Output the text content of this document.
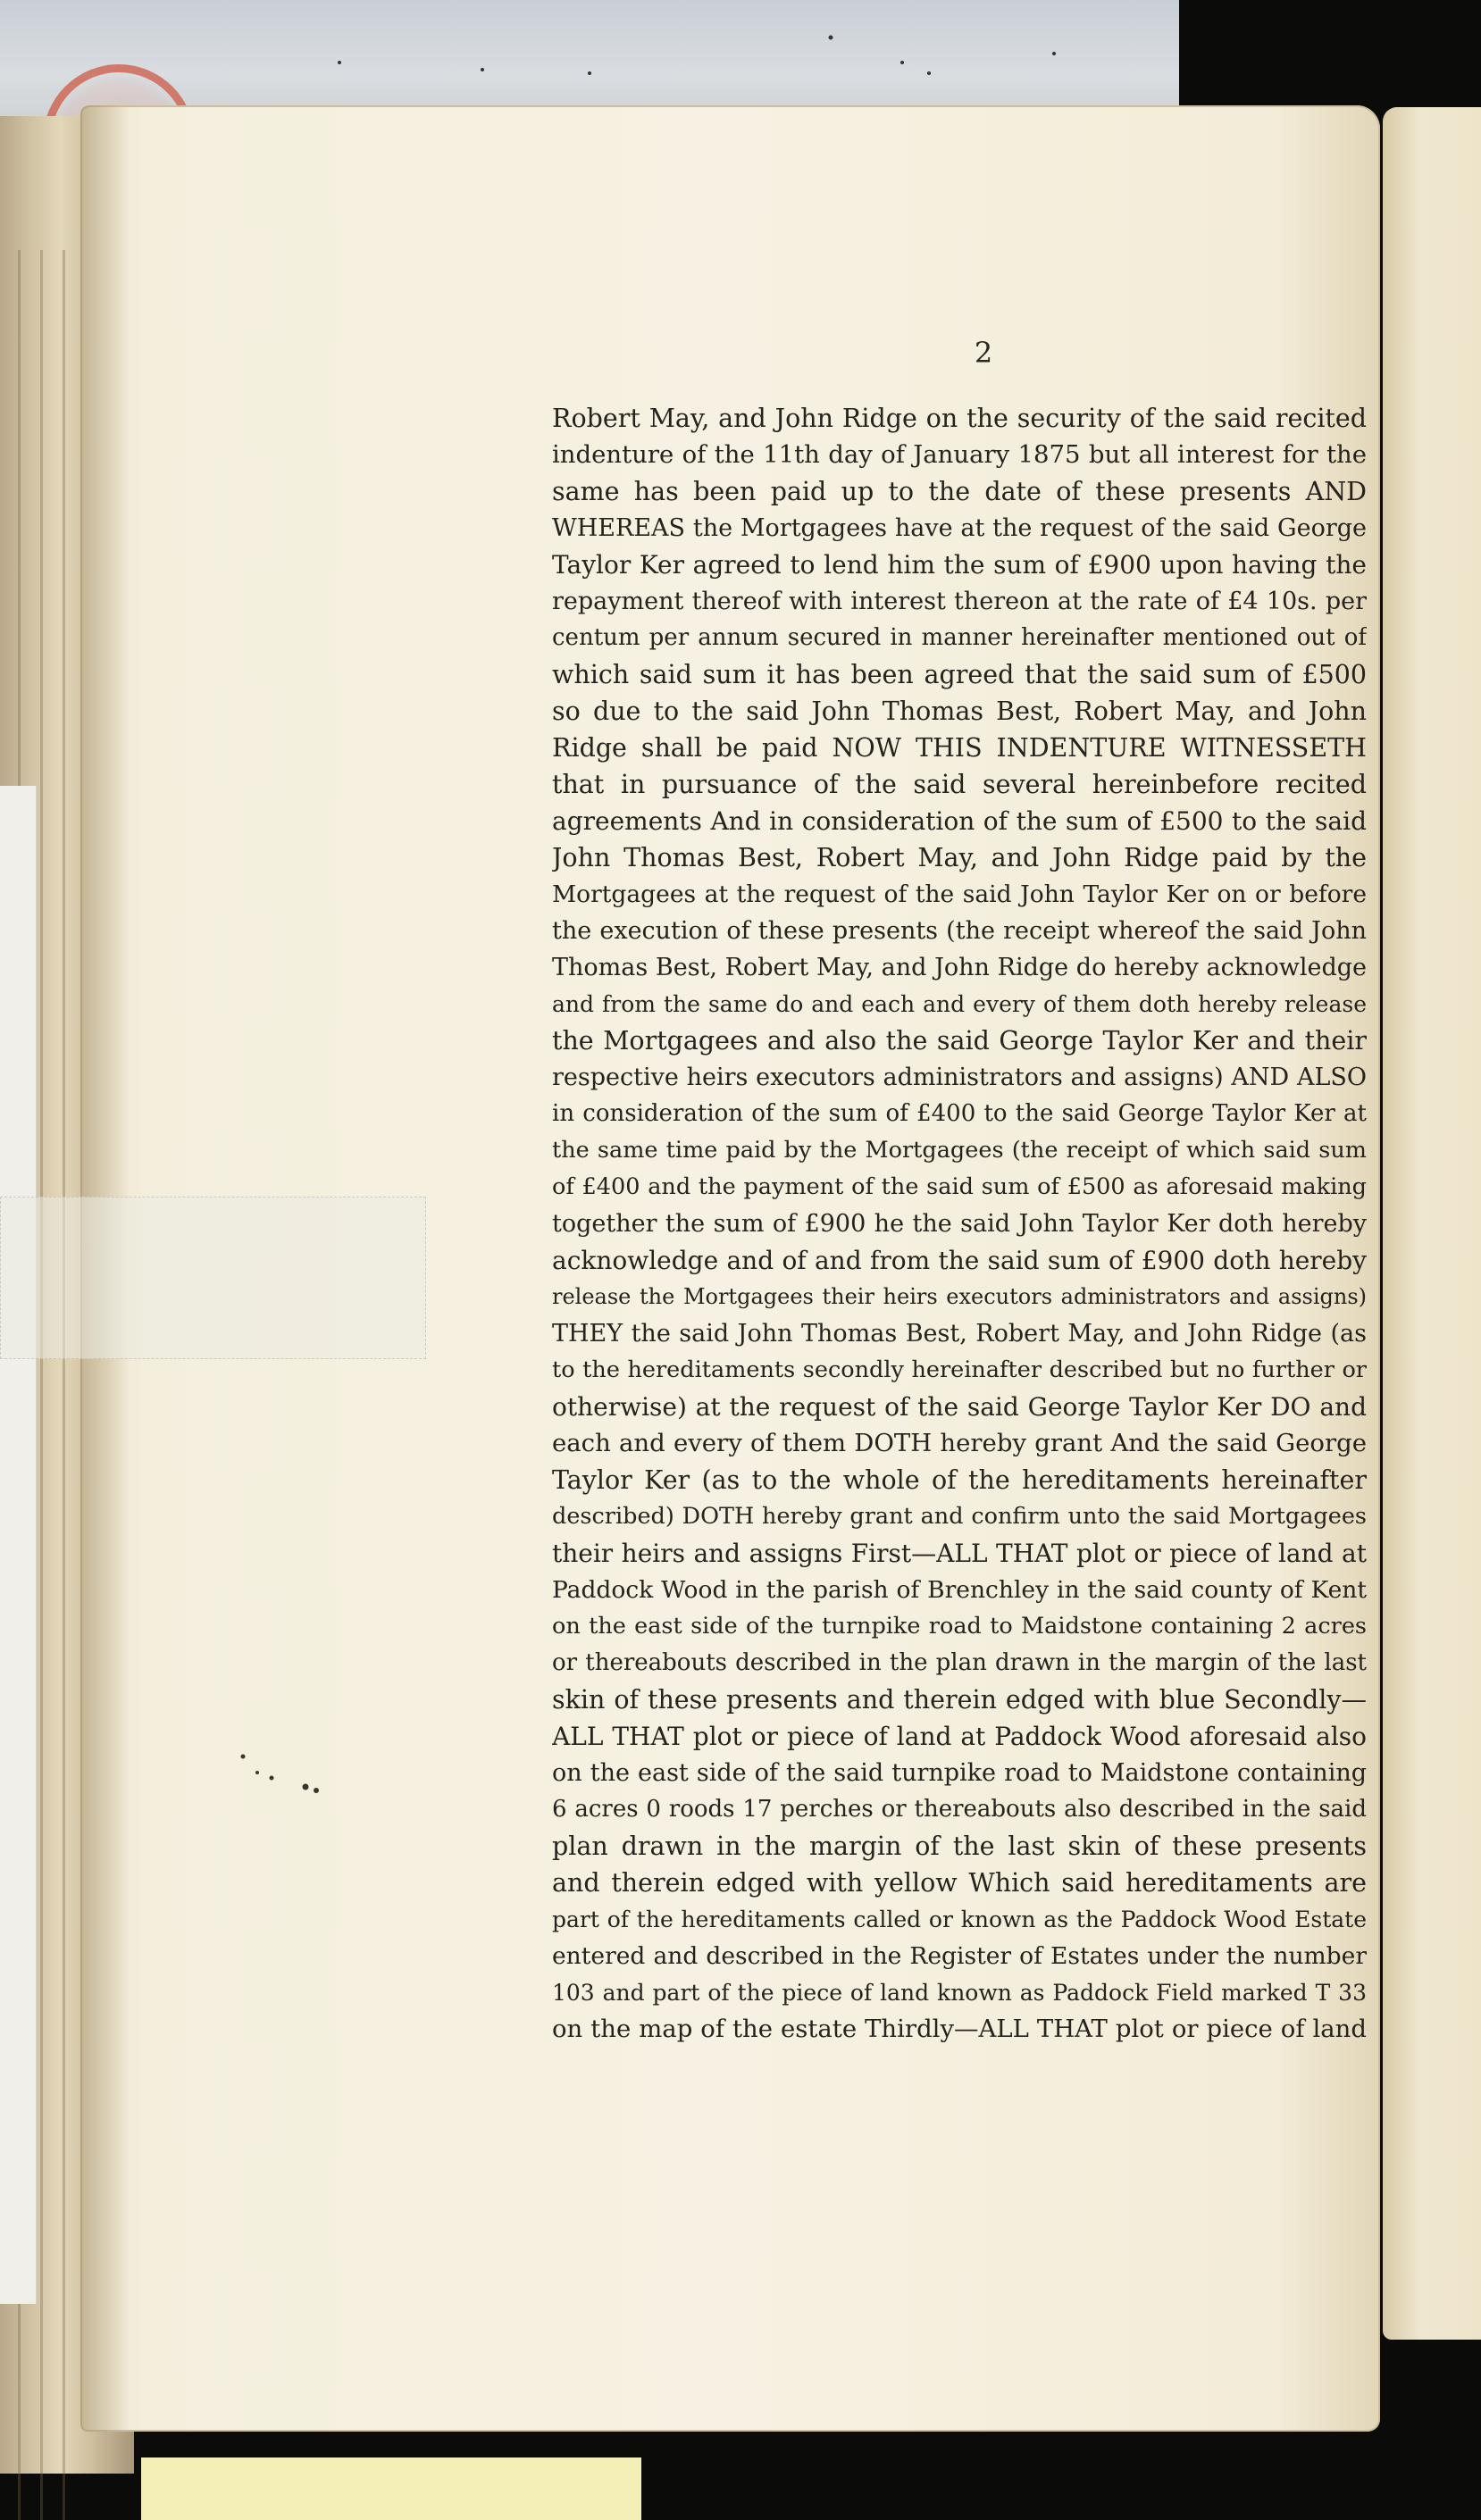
2
Robert May, and John Ridge on the security of the said recited
indenture of the 11th day of January 1875 but all interest for the
same has been paid up to the date of these presents AND
WHEREAS the Mortgagees have at the request of the said George
Taylor Ker agreed to lend him the sum of £900 upon having the
repayment thereof with interest thereon at the rate of £4 10s. per
centum per annum secured in manner hereinafter mentioned out of
which said sum it has been agreed that the said sum of £500
so due to the said John Thomas Best, Robert May, and John
Ridge shall be paid NOW THIS INDENTURE WITNESSETH
that in pursuance of the said several hereinbefore recited
agreements And in consideration of the sum of £500 to the said
John Thomas Best, Robert May, and John Ridge paid by the
Mortgagees at the request of the said John Taylor Ker on or before
the execution of these presents (the receipt whereof the said John
Thomas Best, Robert May, and John Ridge do hereby acknowledge
and from the same do and each and every of them doth hereby release
the Mortgagees and also the said George Taylor Ker and their
respective heirs executors administrators and assigns) AND ALSO
in consideration of the sum of £400 to the said George Taylor Ker at
the same time paid by the Mortgagees (the receipt of which said sum
of £400 and the payment of the said sum of £500 as aforesaid making
together the sum of £900 he the said John Taylor Ker doth hereby
acknowledge and of and from the said sum of £900 doth hereby
release the Mortgagees their heirs executors administrators and assigns)
THEY the said John Thomas Best, Robert May, and John Ridge (as
to the hereditaments secondly hereinafter described but no further or
otherwise) at the request of the said George Taylor Ker DO and
each and every of them DOTH hereby grant And the said George
Taylor Ker (as to the whole of the hereditaments hereinafter
described) DOTH hereby grant and confirm unto the said Mortgagees
their heirs and assigns First—ALL THAT plot or piece of land at
Paddock Wood in the parish of Brenchley in the said county of Kent
on the east side of the turnpike road to Maidstone containing 2 acres
or thereabouts described in the plan drawn in the margin of the last
skin of these presents and therein edged with blue Secondly—
ALL THAT plot or piece of land at Paddock Wood aforesaid also
on the east side of the said turnpike road to Maidstone containing
6 acres 0 roods 17 perches or thereabouts also described in the said
plan drawn in the margin of the last skin of these presents
and therein edged with yellow Which said hereditaments are
part of the hereditaments called or known as the Paddock Wood Estate
entered and described in the Register of Estates under the number
103 and part of the piece of land known as Paddock Field marked T 33
on the map of the estate Thirdly—ALL THAT plot or piece of land
